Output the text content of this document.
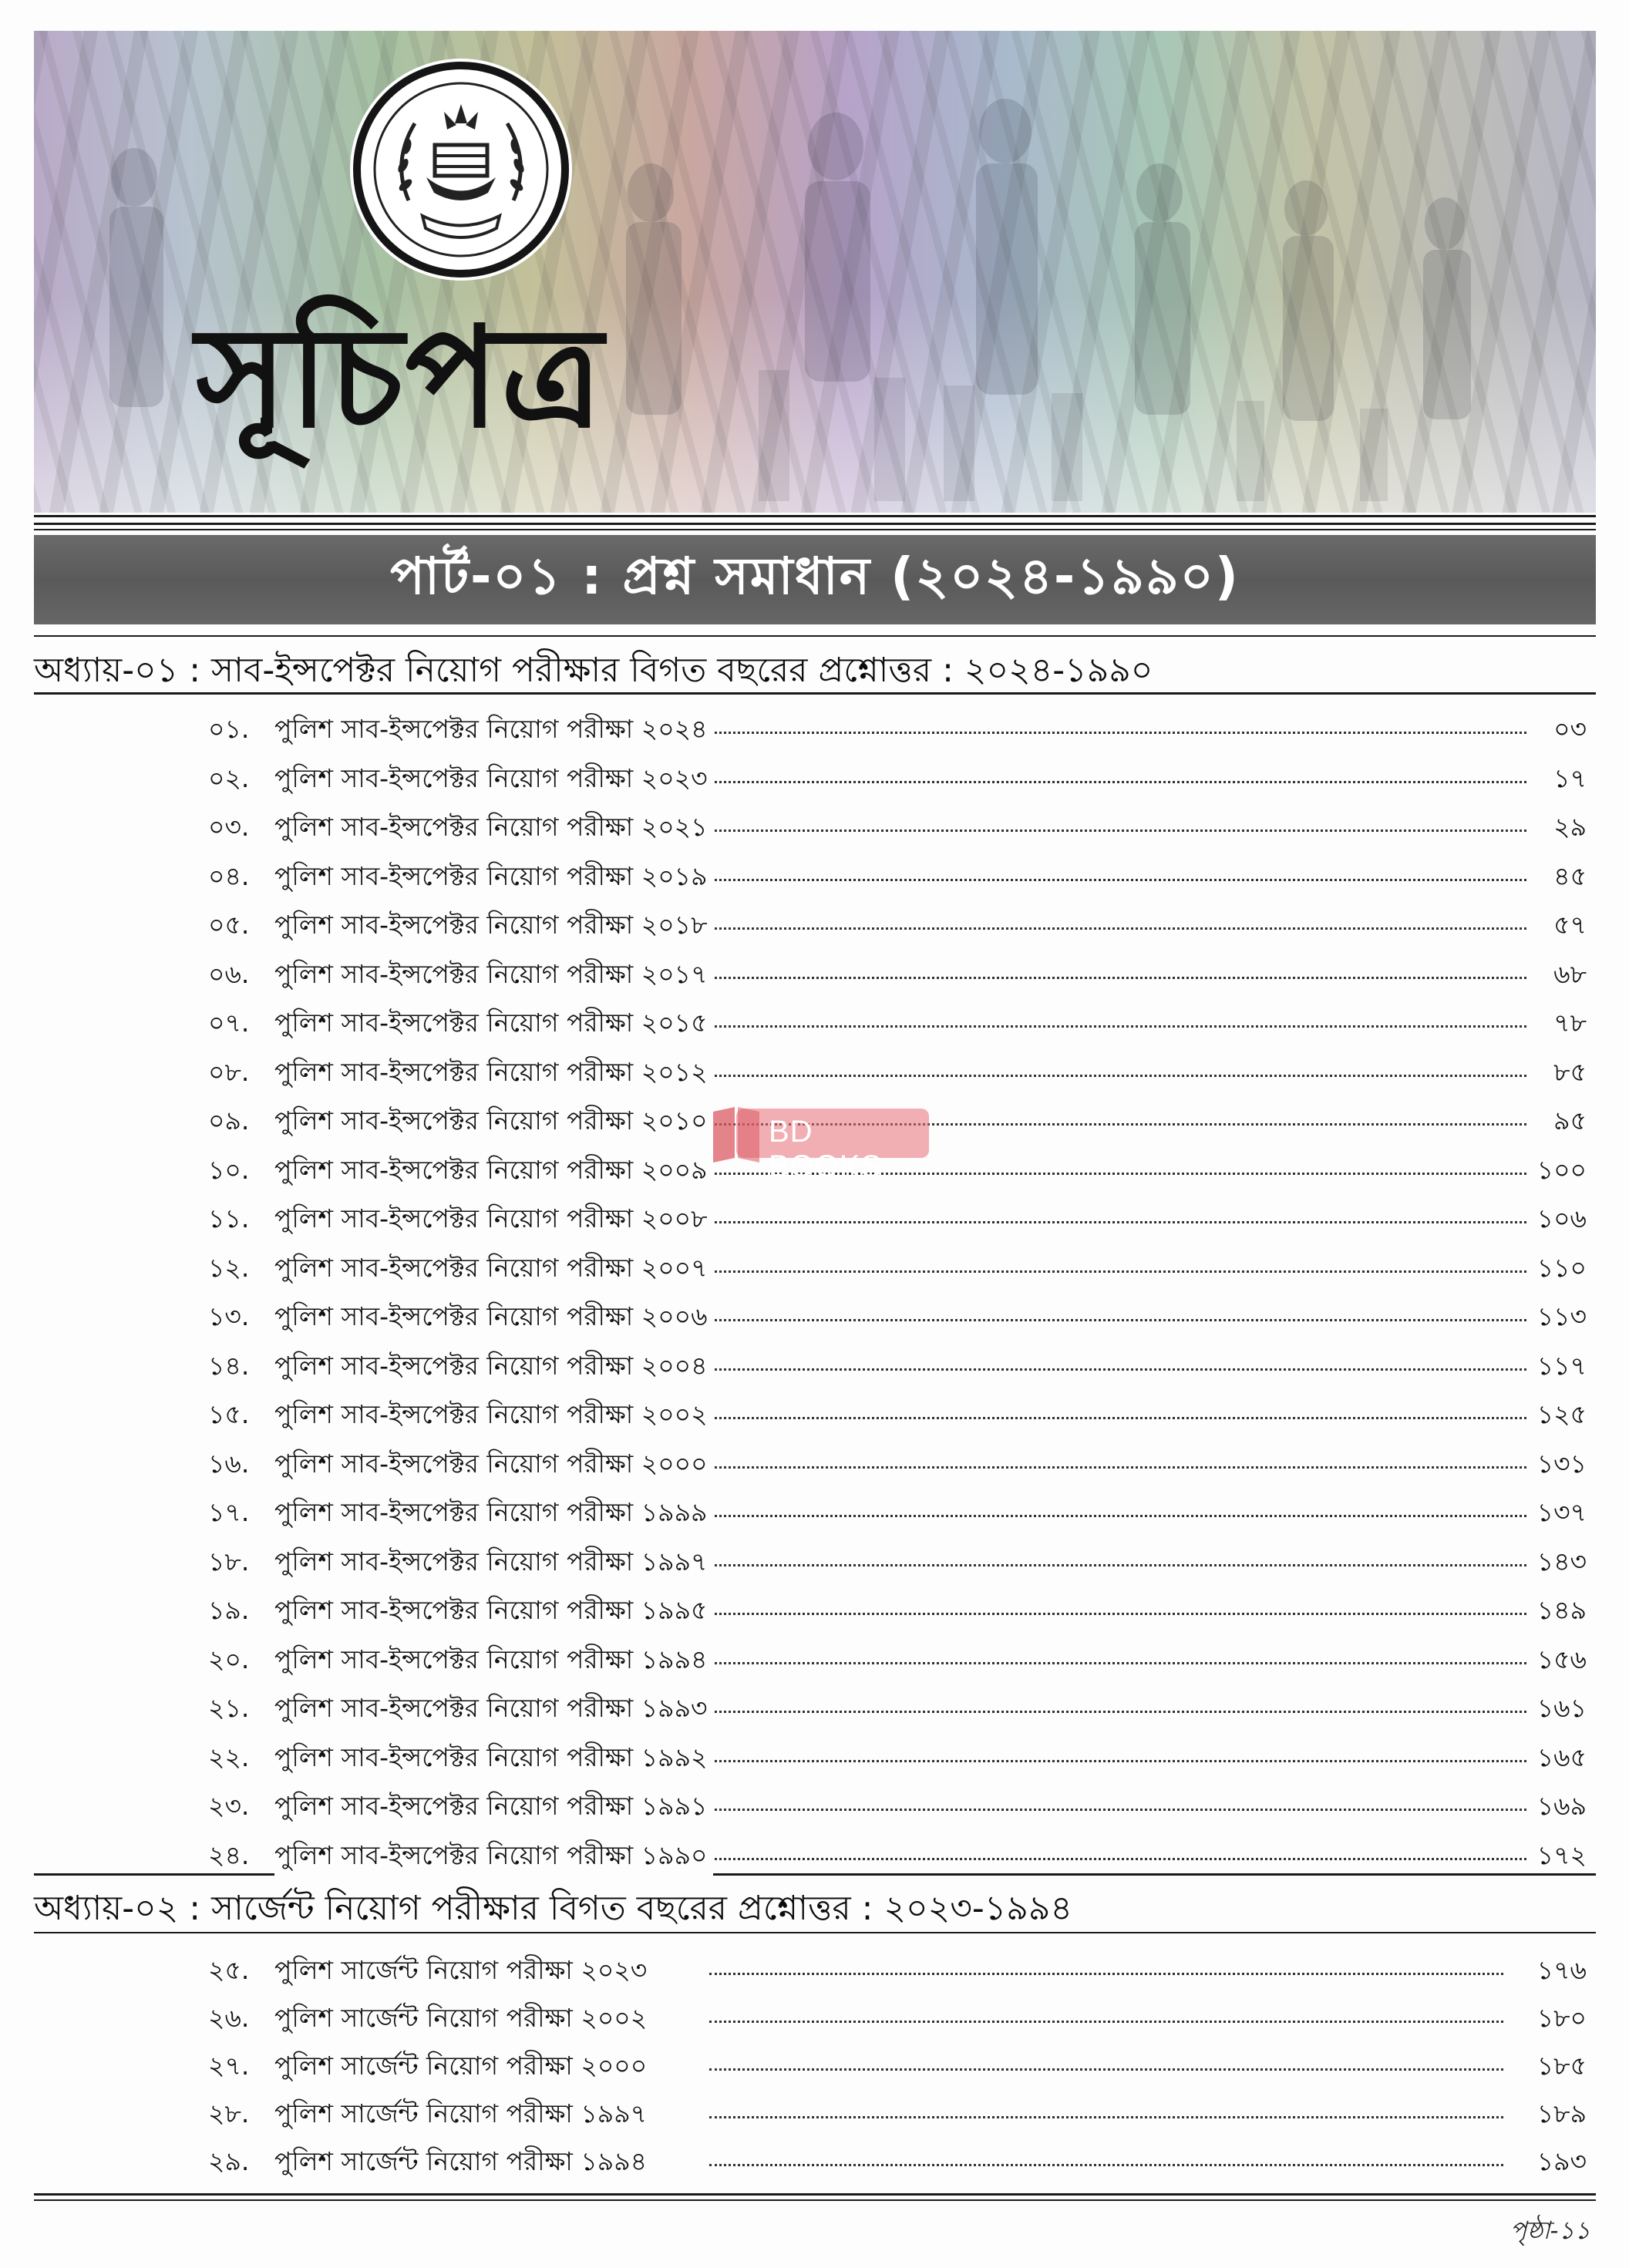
সূচিপত্র
পার্ট-০১ : প্রশ্ন সমাধান (২০২৪-১৯৯০)
অধ্যায়-০১ : সাব-ইন্সপেক্টর নিয়োগ পরীক্ষার বিগত বছরের প্রশ্নোত্তর : ২০২৪-১৯৯০
০১. পুলিশ সাব-ইন্সপেক্টর নিয়োগ পরীক্ষা ২০২৪	০৩
০২. পুলিশ সাব-ইন্সপেক্টর নিয়োগ পরীক্ষা ২০২৩	১৭
০৩. পুলিশ সাব-ইন্সপেক্টর নিয়োগ পরীক্ষা ২০২১	২৯
০৪. পুলিশ সাব-ইন্সপেক্টর নিয়োগ পরীক্ষা ২০১৯	৪৫
০৫. পুলিশ সাব-ইন্সপেক্টর নিয়োগ পরীক্ষা ২০১৮	৫৭
০৬. পুলিশ সাব-ইন্সপেক্টর নিয়োগ পরীক্ষা ২০১৭	৬৮
০৭. পুলিশ সাব-ইন্সপেক্টর নিয়োগ পরীক্ষা ২০১৫	৭৮
০৮. পুলিশ সাব-ইন্সপেক্টর নিয়োগ পরীক্ষা ২০১২	৮৫
০৯. পুলিশ সাব-ইন্সপেক্টর নিয়োগ পরীক্ষা ২০১০	৯৫
১০. পুলিশ সাব-ইন্সপেক্টর নিয়োগ পরীক্ষা ২০০৯	১০০
১১. পুলিশ সাব-ইন্সপেক্টর নিয়োগ পরীক্ষা ২০০৮	১০৬
১২. পুলিশ সাব-ইন্সপেক্টর নিয়োগ পরীক্ষা ২০০৭	১১০
১৩. পুলিশ সাব-ইন্সপেক্টর নিয়োগ পরীক্ষা ২০০৬	১১৩
১৪. পুলিশ সাব-ইন্সপেক্টর নিয়োগ পরীক্ষা ২০০৪	১১৭
১৫. পুলিশ সাব-ইন্সপেক্টর নিয়োগ পরীক্ষা ২০০২	১২৫
১৬. পুলিশ সাব-ইন্সপেক্টর নিয়োগ পরীক্ষা ২০০০	১৩১
১৭. পুলিশ সাব-ইন্সপেক্টর নিয়োগ পরীক্ষা ১৯৯৯	১৩৭
১৮. পুলিশ সাব-ইন্সপেক্টর নিয়োগ পরীক্ষা ১৯৯৭	১৪৩
১৯. পুলিশ সাব-ইন্সপেক্টর নিয়োগ পরীক্ষা ১৯৯৫	১৪৯
২০. পুলিশ সাব-ইন্সপেক্টর নিয়োগ পরীক্ষা ১৯৯৪	১৫৬
২১. পুলিশ সাব-ইন্সপেক্টর নিয়োগ পরীক্ষা ১৯৯৩	১৬১
২২. পুলিশ সাব-ইন্সপেক্টর নিয়োগ পরীক্ষা ১৯৯২	১৬৫
২৩. পুলিশ সাব-ইন্সপেক্টর নিয়োগ পরীক্ষা ১৯৯১	১৬৯
২৪. পুলিশ সাব-ইন্সপেক্টর নিয়োগ পরীক্ষা ১৯৯০	১৭২
অধ্যায়-০২ : সার্জেন্ট নিয়োগ পরীক্ষার বিগত বছরের প্রশ্নোত্তর : ২০২৩-১৯৯৪
২৫. পুলিশ সার্জেন্ট নিয়োগ পরীক্ষা ২০২৩	১৭৬
২৬. পুলিশ সার্জেন্ট নিয়োগ পরীক্ষা ২০০২	১৮০
২৭. পুলিশ সার্জেন্ট নিয়োগ পরীক্ষা ২০০০	১৮৫
২৮. পুলিশ সার্জেন্ট নিয়োগ পরীক্ষা ১৯৯৭	১৮৯
২৯. পুলিশ সার্জেন্ট নিয়োগ পরীক্ষা ১৯৯৪	১৯৩
পৃষ্ঠা-১১
BD BOOKS
